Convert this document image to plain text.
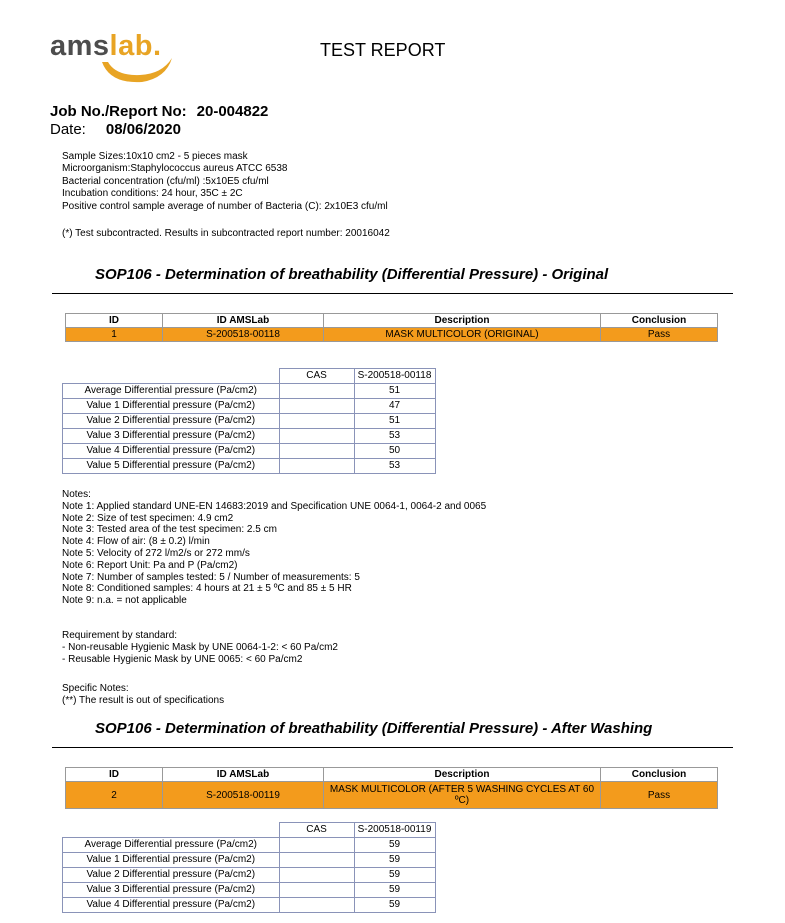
amslab.	TEST REPORT
Job No./Report No: 20-004822
Date: 08/06/2020
Sample Sizes:10x10 cm2 - 5 pieces mask
Microorganism:Staphylococcus aureus ATCC 6538
Bacterial concentration (cfu/ml) :5x10E5 cfu/ml
Incubation conditions: 24 hour, 35C ± 2C
Positive control sample average of number of Bacteria (C): 2x10E3 cfu/ml
(*) Test subcontracted. Results in subcontracted report number: 20016042
SOP106 - Determination of breathability (Differential Pressure) - Original
ID	ID AMSLab	Description	Conclusion
1	S-200518-00118	MASK MULTICOLOR (ORIGINAL)	Pass
	CAS	S-200518-00118
Average Differential pressure (Pa/cm2)		51
Value 1 Differential pressure (Pa/cm2)		47
Value 2 Differential pressure (Pa/cm2)		51
Value 3 Differential pressure (Pa/cm2)		53
Value 4 Differential pressure (Pa/cm2)		50
Value 5 Differential pressure (Pa/cm2)		53
Notes:
Note 1: Applied standard UNE-EN 14683:2019 and Specification UNE 0064-1, 0064-2 and 0065
Note 2: Size of test specimen: 4.9 cm2
Note 3: Tested area of the test specimen: 2.5 cm
Note 4: Flow of air: (8 ± 0.2) l/min
Note 5: Velocity of 272 l/m2/s or 272 mm/s
Note 6: Report Unit: Pa and P (Pa/cm2)
Note 7: Number of samples tested: 5 / Number of measurements: 5
Note 8: Conditioned samples: 4 hours at 21 ± 5 ºC and 85 ± 5 HR
Note 9: n.a. = not applicable
Requirement by standard:
- Non-reusable Hygienic Mask by UNE 0064-1-2: < 60 Pa/cm2
- Reusable Hygienic Mask by UNE 0065: < 60 Pa/cm2
Specific Notes:
(**) The result is out of specifications
SOP106 - Determination of breathability (Differential Pressure) - After Washing
ID	ID AMSLab	Description	Conclusion
2	S-200518-00119	MASK MULTICOLOR (AFTER 5 WASHING CYCLES AT 60 ºC)	Pass
	CAS	S-200518-00119
Average Differential pressure (Pa/cm2)		59
Value 1 Differential pressure (Pa/cm2)		59
Value 2 Differential pressure (Pa/cm2)		59
Value 3 Differential pressure (Pa/cm2)		59
Value 4 Differential pressure (Pa/cm2)		59
